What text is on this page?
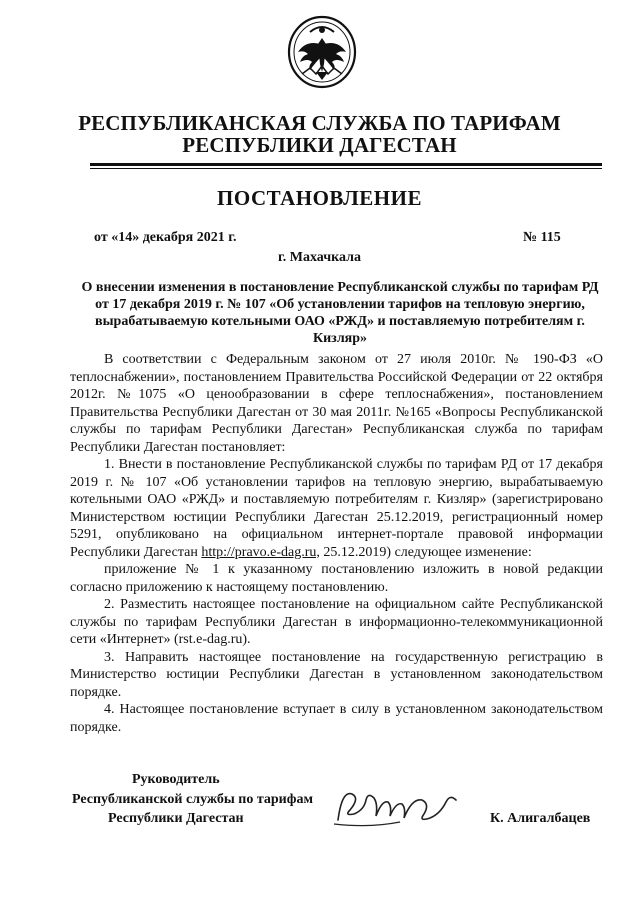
РЕСПУБЛИКАНСКАЯ СЛУЖБА ПО ТАРИФАМ
РЕСПУБЛИКИ ДАГЕСТАН
ПОСТАНОВЛЕНИЕ
от «14» декабря 2021 г.	№ 115
г. Махачкала
О внесении изменения в постановление Республиканской службы по тарифам РД от 17 декабря 2019 г. № 107 «Об установлении тарифов на тепловую энергию, вырабатываемую котельными ОАО «РЖД» и поставляемую потребителям г. Кизляр»

В соответствии с Федеральным законом от 27 июля 2010г. № 190-ФЗ «О теплоснабжении», постановлением Правительства Российской Федерации от 22 октября 2012г. №1075 «О ценообразовании в сфере теплоснабжения», постановлением Правительства Республики Дагестан от 30 мая 2011г. №165 «Вопросы Республиканской службы по тарифам Республики Дагестан» Республиканская служба по тарифам Республики Дагестан постановляет:

1. Внести в постановление Республиканской службы по тарифам РД от 17 декабря 2019 г. № 107 «Об установлении тарифов на тепловую энергию, вырабатываемую котельными ОАО «РЖД» и поставляемую потребителям г. Кизляр» (зарегистрировано Министерством юстиции Республики Дагестан 25.12.2019, регистрационный номер 5291, опубликовано на официальном интернет-портале правовой информации Республики Дагестан http://pravo.e-dag.ru, 25.12.2019) следующее изменение:

приложение № 1 к указанному постановлению изложить в новой редакции согласно приложению к настоящему постановлению.

2. Разместить настоящее постановление на официальном сайте Республиканской службы по тарифам Республики Дагестан в информационно-телекоммуникационной сети «Интернет» (rst.e-dag.ru).

3. Направить настоящее постановление на государственную регистрацию в Министерство юстиции Республики Дагестан в установленном законодательством порядке.

4. Настоящее постановление вступает в силу в установленном законодательством порядке.

Руководитель
Республиканской службы по тарифам
Республики Дагестан	К. Алигалбацев
